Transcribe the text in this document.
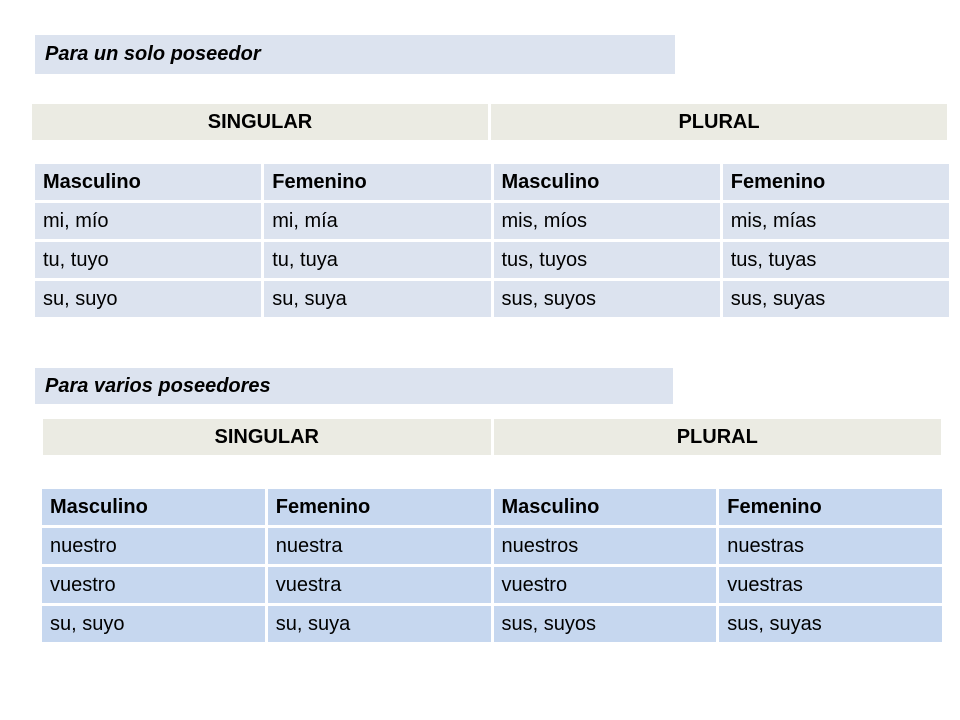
Para un solo poseedor
SINGULAR	PLURAL
Masculino	Femenino	Masculino	Femenino
mi, mío	mi, mía	mis, míos	mis, mías
tu, tuyo	tu, tuya	tus, tuyos	tus, tuyas
su, suyo	su, suya	sus, suyos	sus, suyas
Para varios poseedores
SINGULAR	PLURAL
Masculino	Femenino	Masculino	Femenino
nuestro	nuestra	nuestros	nuestras
vuestro	vuestra	vuestro	vuestras
su, suyo	su, suya	sus, suyos	sus, suyas
